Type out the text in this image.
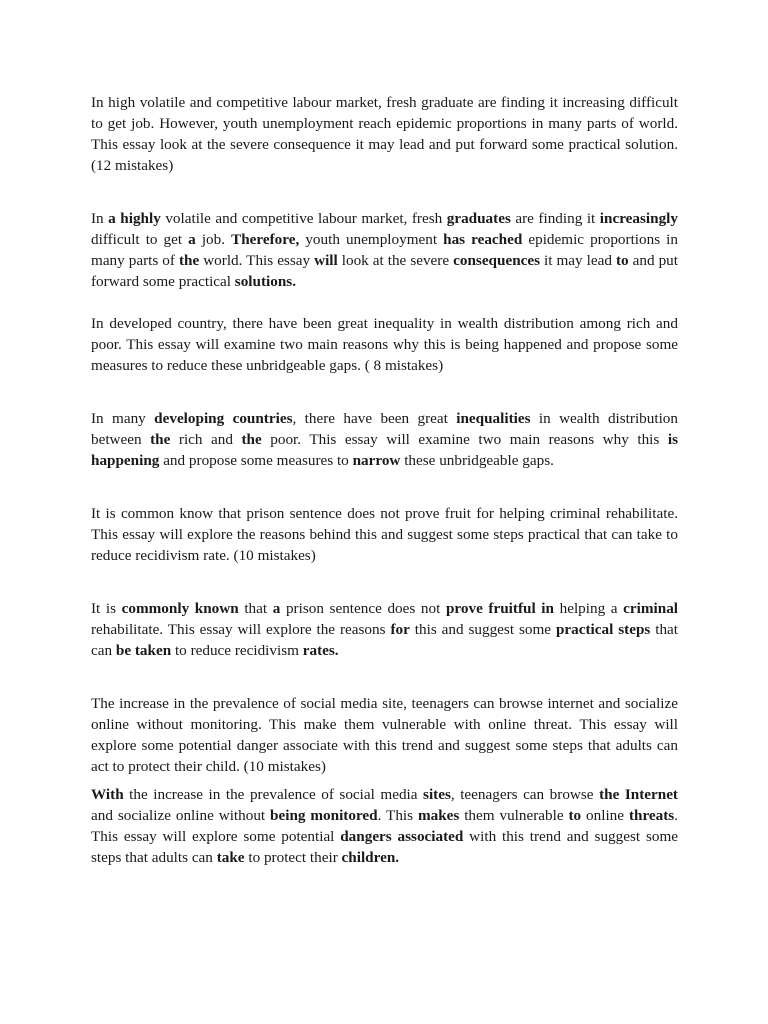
In high volatile and competitive labour market, fresh graduate are finding it increasing difficult to get job. However, youth unemployment reach epidemic proportions in many parts of world. This essay look at the severe consequence it may lead and put forward some practical solution. (12 mistakes)

In a highly volatile and competitive labour market, fresh graduates are finding it increasingly difficult to get a job. Therefore, youth unemployment has reached epidemic proportions in many parts of the world. This essay will look at the severe consequences it may lead to and put forward some practical solutions.

In developed country, there have been great inequality in wealth distribution among rich and poor. This essay will examine two main reasons why this is being happened and propose some measures to reduce these unbridgeable gaps. ( 8 mistakes)

In many developing countries, there have been great inequalities in wealth distribution between the rich and the poor. This essay will examine two main reasons why this is happening and propose some measures to narrow these unbridgeable gaps.

It is common know that prison sentence does not prove fruit for helping criminal rehabilitate. This essay will explore the reasons behind this and suggest some steps practical that can take to reduce recidivism rate. (10 mistakes)

It is commonly known that a prison sentence does not prove fruitful in helping a criminal rehabilitate. This essay will explore the reasons for this and suggest some practical steps that can be taken to reduce recidivism rates.

The increase in the prevalence of social media site, teenagers can browse internet and socialize online without monitoring. This make them vulnerable with online threat. This essay will explore some potential danger associate with this trend and suggest some steps that adults can act to protect their child. (10 mistakes)

With the increase in the prevalence of social media sites, teenagers can browse the Internet and socialize online without being monitored. This makes them vulnerable to online threats. This essay will explore some potential dangers associated with this trend and suggest some steps that adults can take to protect their children.
